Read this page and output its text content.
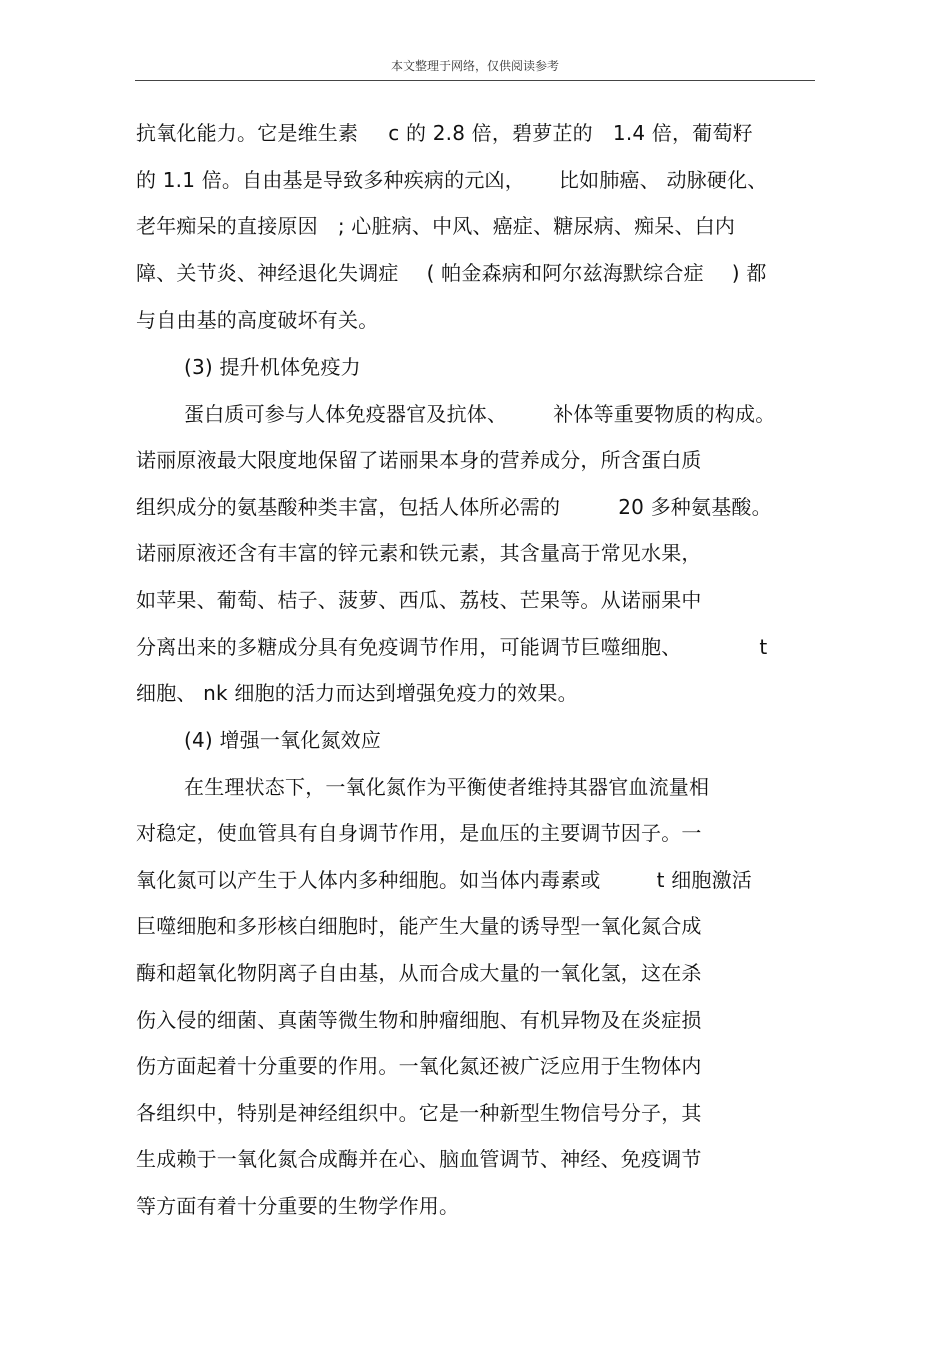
本文整理于网络，仅供阅读参考
抗氧化能力。它是维生素 c 的 2.8 倍，碧萝芷的 1.4 倍，葡萄籽
的 1.1 倍。自由基是导致多种疾病的元凶， 比如肺癌、 动脉硬化、
老年痴呆的直接原因 ; 心脏病、中风、癌症、糖尿病、痴呆、白内
障、关节炎、神经退化失调症 ( 帕金森病和阿尔兹海默综合症 ) 都
与自由基的高度破坏有关。
(3) 提升机体免疫力
蛋白质可参与人体免疫器官及抗体、 补体等重要物质的构成。
诺丽原液最大限度地保留了诺丽果本身的营养成分，所含蛋白质
组织成分的氨基酸种类丰富，包括人体所必需的	20 多种氨基酸。
诺丽原液还含有丰富的锌元素和铁元素，其含量高于常见水果，
如苹果、葡萄、桔子、菠萝、西瓜、荔枝、芒果等。从诺丽果中
分离出来的多糖成分具有免疫调节作用，可能调节巨噬细胞、	t
细胞、 nk 细胞的活力而达到增强免疫力的效果。
(4) 增强一氧化氮效应
在生理状态下，一氧化氮作为平衡使者维持其器官血流量相
对稳定，使血管具有自身调节作用，是血压的主要调节因子。一
氧化氮可以产生于人体内多种细胞。如当体内毒素或	t 细胞激活
巨噬细胞和多形核白细胞时，能产生大量的诱导型一氧化氮合成
酶和超氧化物阴离子自由基，从而合成大量的一氧化氢，这在杀
伤入侵的细菌、真菌等微生物和肿瘤细胞、有机异物及在炎症损
伤方面起着十分重要的作用。一氧化氮还被广泛应用于生物体内
各组织中，特别是神经组织中。它是一种新型生物信号分子，其
生成赖于一氧化氮合成酶并在心、脑血管调节、神经、免疫调节
等方面有着十分重要的生物学作用。
